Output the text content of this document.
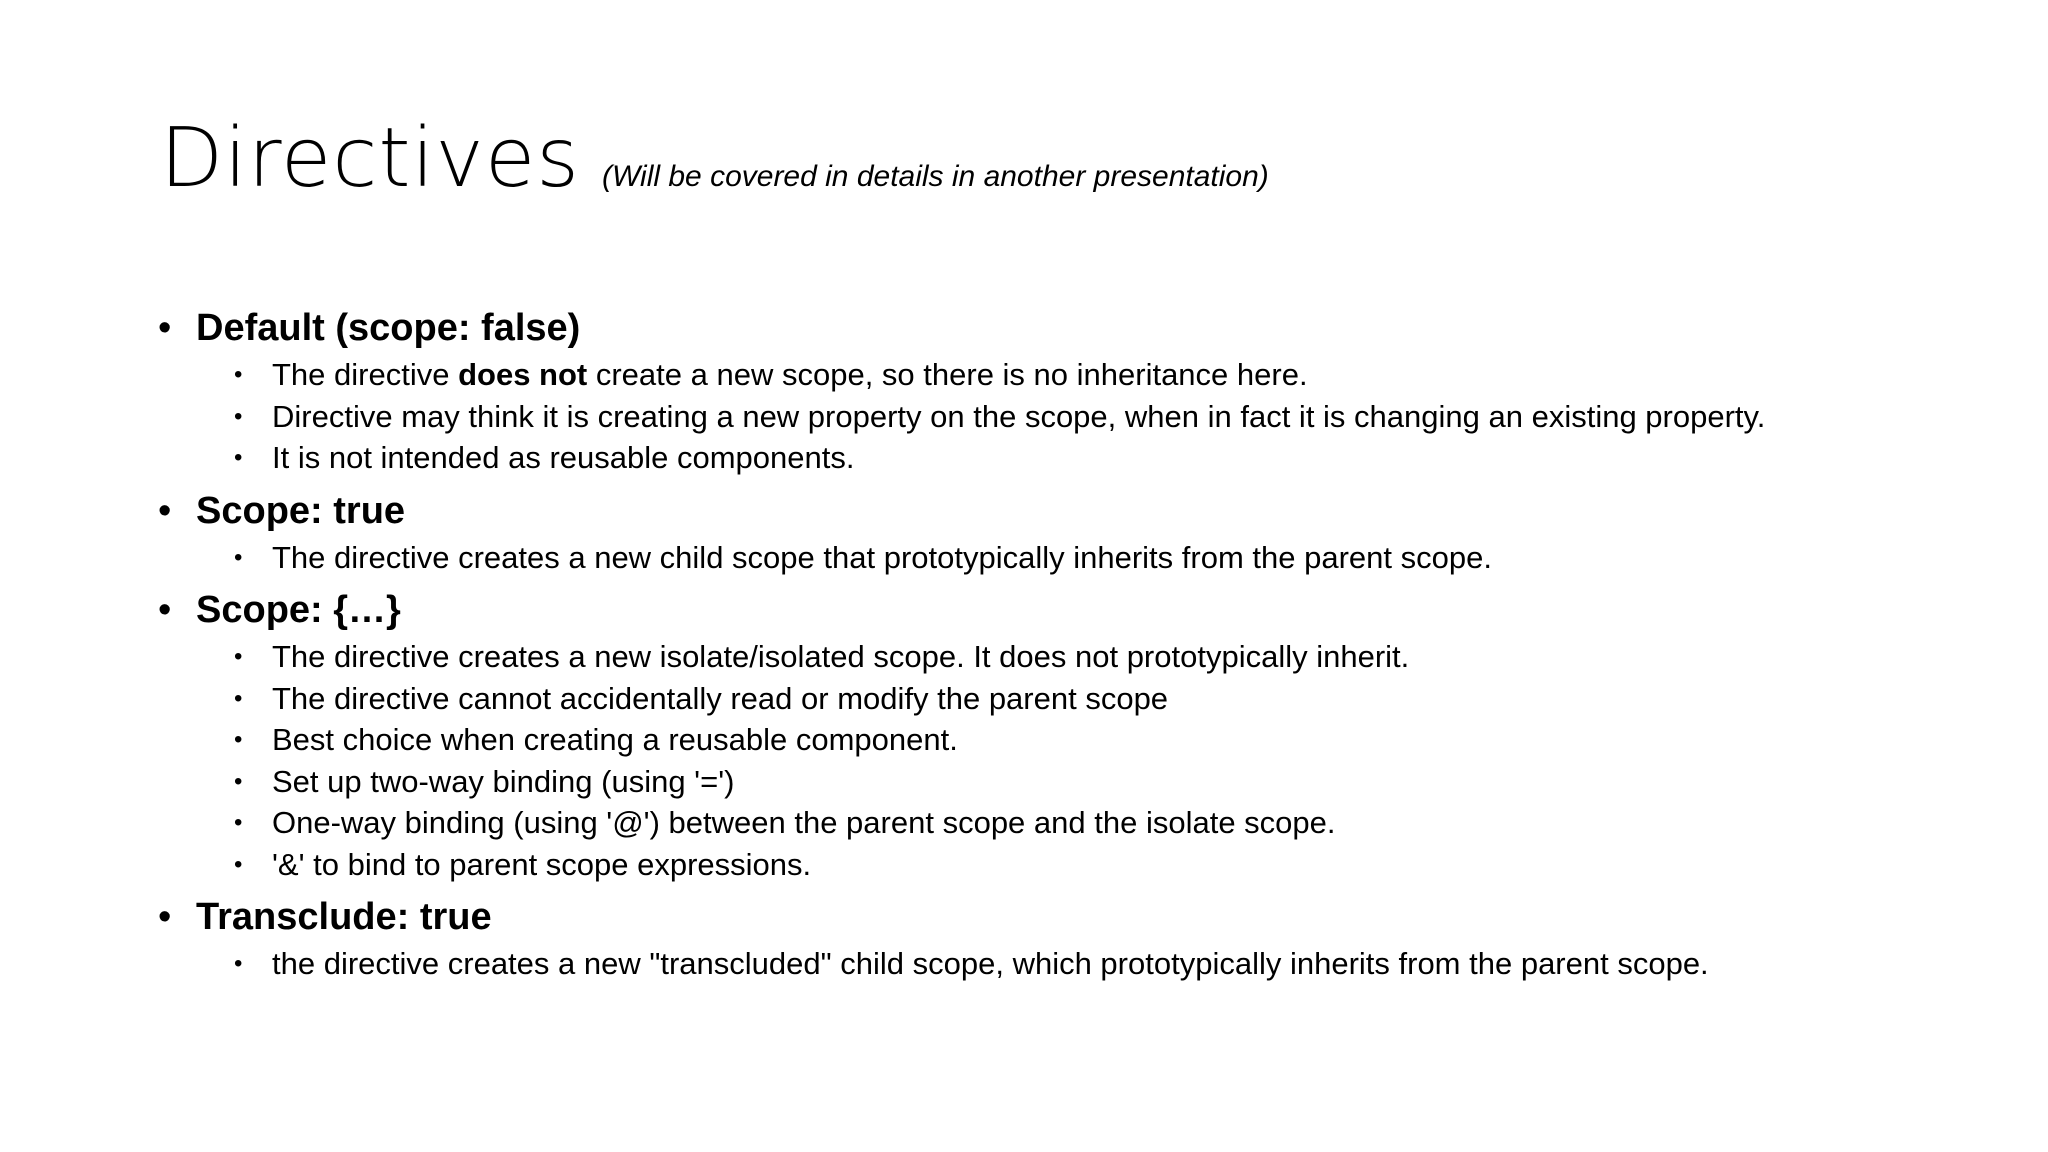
Directives (Will be covered in details in another presentation)
• Default (scope: false)
• The directive does not create a new scope, so there is no inheritance here.
• Directive may think it is creating a new property on the scope, when in fact it is changing an existing property.
• It is not intended as reusable components.
• Scope: true
• The directive creates a new child scope that prototypically inherits from the parent scope.
• Scope: {…}
• The directive creates a new isolate/isolated scope. It does not prototypically inherit.
• The directive cannot accidentally read or modify the parent scope
• Best choice when creating a reusable component.
• Set up two-way binding (using '=')
• One-way binding (using '@') between the parent scope and the isolate scope.
• '&' to bind to parent scope expressions.
• Transclude: true
• the directive creates a new "transcluded" child scope, which prototypically inherits from the parent scope.
